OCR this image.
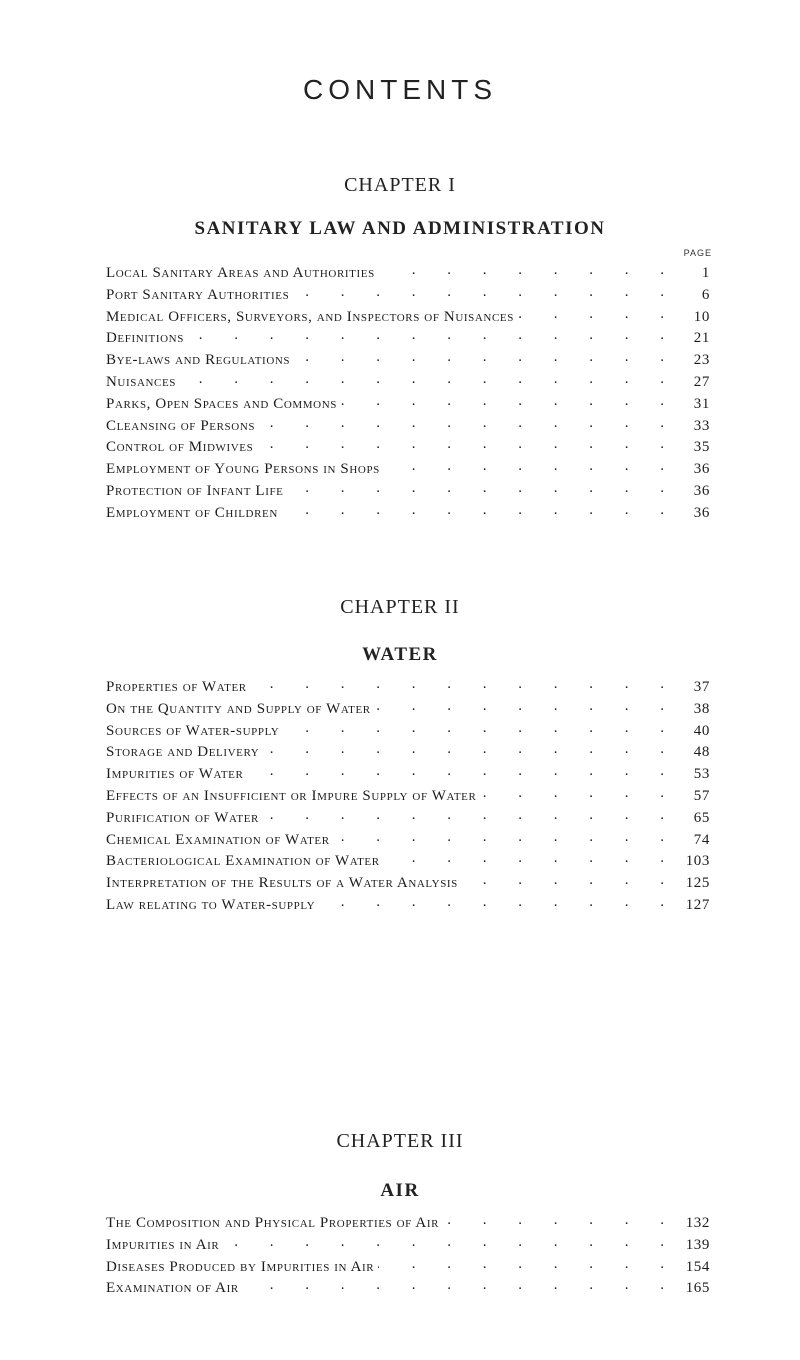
CONTENTS
CHAPTER I
SANITARY LAW AND ADMINISTRATION
PAGE
Local Sanitary Areas and Authorities . . .	1
Port Sanitary Authorities . . .	6
Medical Officers, Surveyors, and Inspectors of Nuisances . . .	10
Definitions . . .	21
Bye-laws and Regulations . . .	23
Nuisances . . .	27
Parks, Open Spaces and Commons . . .	31
Cleansing of Persons . . .	33
Control of Midwives . . .	35
Employment of Young Persons in Shops . . .	36
Protection of Infant Life . . .	36
Employment of Children . . .	36
CHAPTER II
WATER
Properties of Water . . .	37
On the Quantity and Supply of Water . . .	38
Sources of Water-supply . . .	40
Storage and Delivery . . .	48
Impurities of Water . . .	53
Effects of an Insufficient or Impure Supply of Water . . .	57
Purification of Water . . .	65
Chemical Examination of Water . . .	74
Bacteriological Examination of Water . . .	103
Interpretation of the Results of a Water Analysis . . .	125
Law relating to Water-supply . . .	127
CHAPTER III
AIR
The Composition and Physical Properties of Air . . .	132
Impurities in Air . . .	139
Diseases Produced by Impurities in Air . . .	154
Examination of Air . . .	165
